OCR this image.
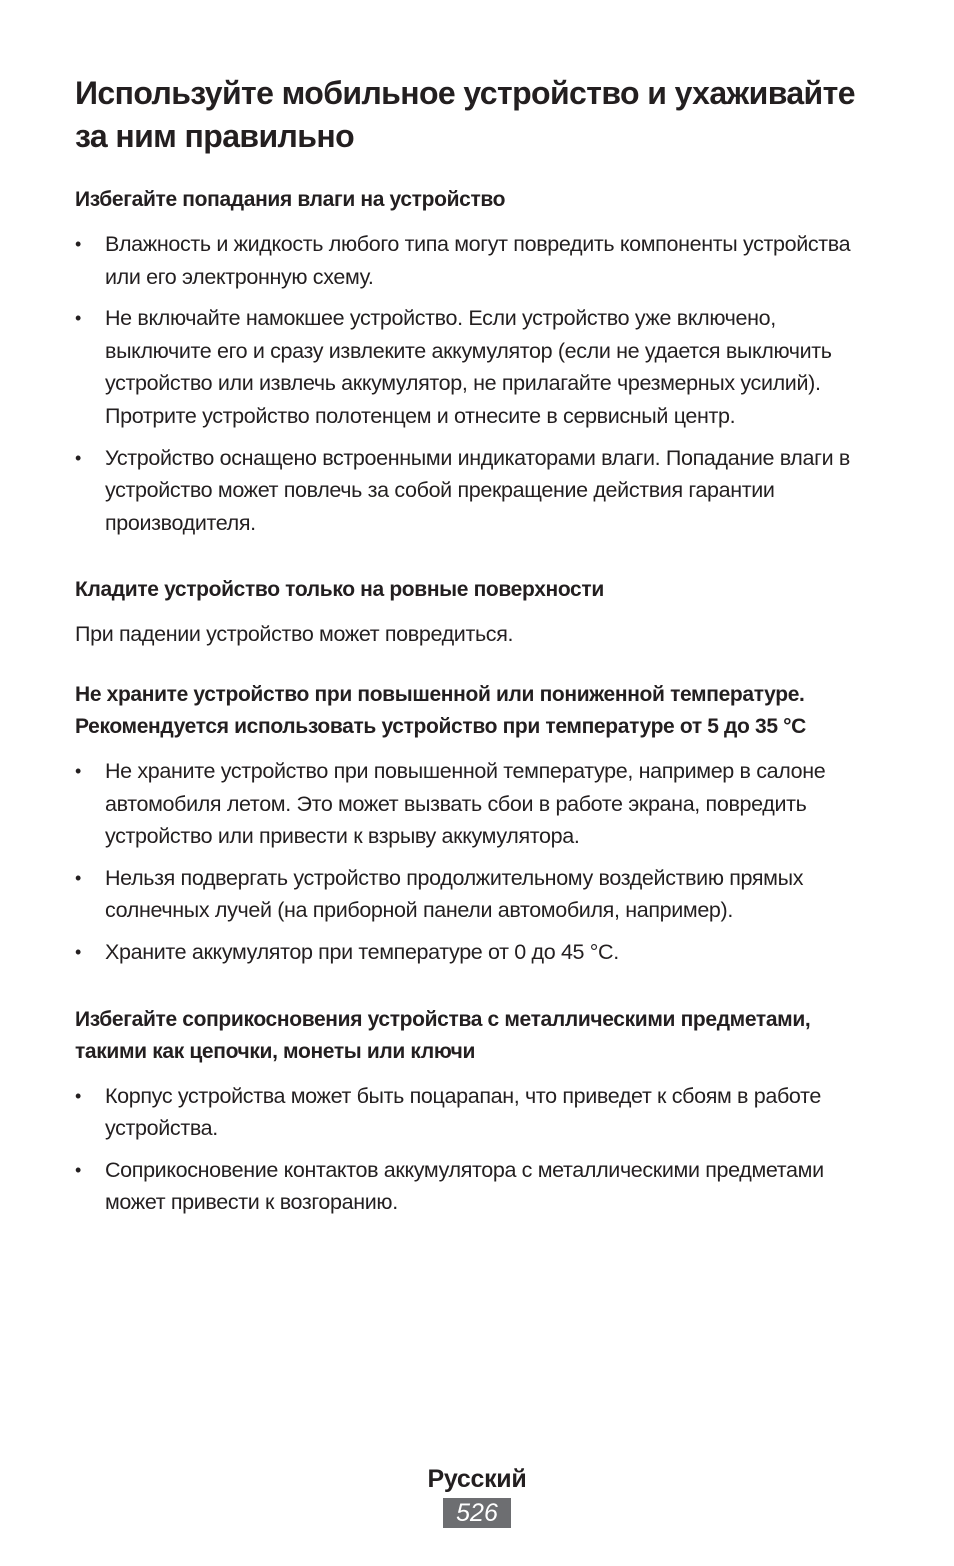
Используйте мобильное устройство и ухаживайте за ним правильно
Избегайте попадания влаги на устройство
• Влажность и жидкость любого типа могут повредить компоненты устройства или его электронную схему.
• Не включайте намокшее устройство. Если устройство уже включено, выключите его и сразу извлеките аккумулятор (если не удается выключить устройство или извлечь аккумулятор, не прилагайте чрезмерных усилий). Протрите устройство полотенцем и отнесите в сервисный центр.
• Устройство оснащено встроенными индикаторами влаги. Попадание влаги в устройство может повлечь за собой прекращение действия гарантии производителя.
Кладите устройство только на ровные поверхности

При падении устройство может повредиться.

Не храните устройство при повышенной или пониженной температуре. Рекомендуется использовать устройство при температуре от 5 до 35 °C
• Не храните устройство при повышенной температуре, например в салоне автомобиля летом. Это может вызвать сбои в работе экрана, повредить устройство или привести к взрыву аккумулятора.
• Нельзя подвергать устройство продолжительному воздействию прямых солнечных лучей (на приборной панели автомобиля, например).
• Храните аккумулятор при температуре от 0 до 45 °C.
Избегайте соприкосновения устройства с металлическими предметами, такими как цепочки, монеты или ключи
• Корпус устройства может быть поцарапан, что приведет к сбоям в работе устройства.
• Соприкосновение контактов аккумулятора с металлическими предметами может привести к возгоранию.
Русский
526
